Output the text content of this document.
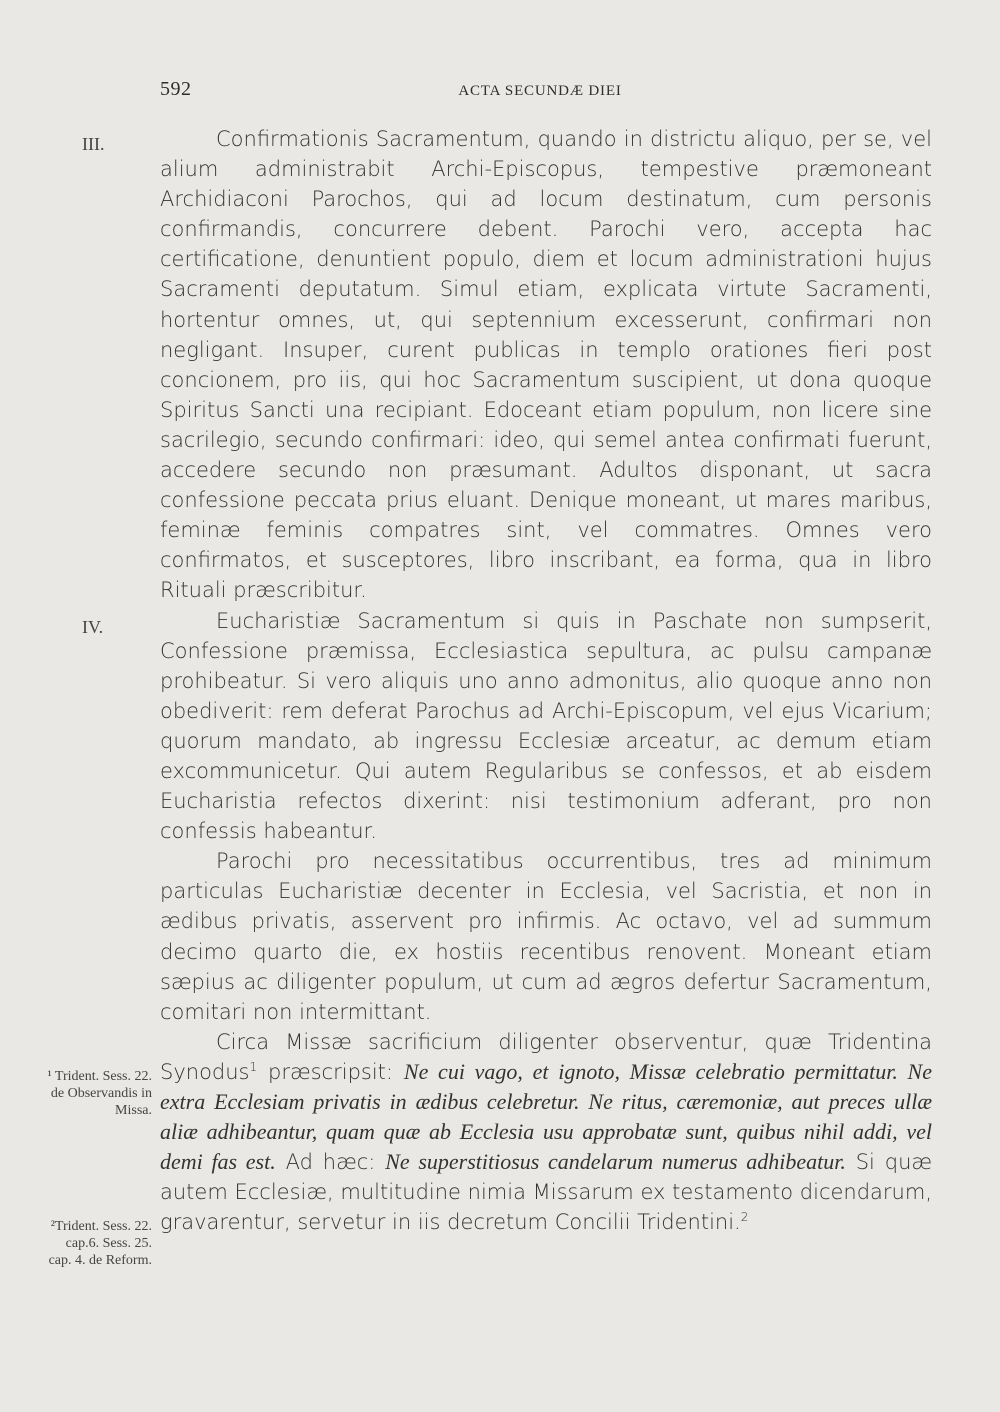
592	ACTA SECUNDÆ DIEI
III.
IV.
¹ Trident. Sess. 22. de Observandis in Missa.
²Trident. Sess. 22. cap.6. Sess. 25. cap. 4. de Reform.

Confirmationis Sacramentum, quando in districtu aliquo, per se, vel alium administrabit Archi-Episcopus, tempestive præmoneant Archidiaconi Parochos, qui ad locum destinatum, cum personis confirmandis, concurrere debent. Parochi vero, accepta hac certificatione, denuntient populo, diem et locum administrationi hujus Sacramenti deputatum. Simul etiam, explicata virtute Sacramenti, hortentur omnes, ut, qui septennium excesserunt, confirmari non negligant. Insuper, curent publicas in templo orationes fieri post concionem, pro iis, qui hoc Sacramentum suscipient, ut dona quoque Spiritus Sancti una recipiant. Edoceant etiam populum, non licere sine sacrilegio, secundo confirmari: ideo, qui semel antea confirmati fuerunt, accedere secundo non præsumant. Adultos disponant, ut sacra confessione peccata prius eluant. Denique moneant, ut mares maribus, feminæ feminis compatres sint, vel commatres. Omnes vero confirmatos, et susceptores, libro inscribant, ea forma, qua in libro Rituali præscribitur.

Eucharistiæ Sacramentum si quis in Paschate non sumpserit, Confessione præmissa, Ecclesiastica sepultura, ac pulsu campanæ prohibeatur. Si vero aliquis uno anno admonitus, alio quoque anno non obediverit: rem deferat Parochus ad Archi-Episcopum, vel ejus Vicarium; quorum mandato, ab ingressu Ecclesiæ arceatur, ac demum etiam excommunicetur. Qui autem Regularibus se confessos, et ab eisdem Eucharistia refectos dixerint: nisi testimonium adferant, pro non confessis habeantur.

Parochi pro necessitatibus occurrentibus, tres ad minimum particulas Eucharistiæ decenter in Ecclesia, vel Sacristia, et non in ædibus privatis, asservent pro infirmis. Ac octavo, vel ad summum decimo quarto die, ex hostiis recentibus renovent. Moneant etiam sæpius ac diligenter populum, ut cum ad ægros defertur Sacramentum, comitari non intermittant.

Circa Missæ sacrificium diligenter observentur, quæ Tridentina Synodus$^1$ præscripsit: Ne cui vago, et ignoto, Missæ celebratio permittatur. Ne extra Ecclesiam privatis in ædibus celebretur. Ne ritus, cæremoniæ, aut preces ullæ aliæ adhibeantur, quam quæ ab Ecclesia usu approbatæ sunt, quibus nihil addi, vel demi fas est. Ad hæc: Ne superstitiosus candelarum numerus adhibeatur. Si quæ autem Ecclesiæ, multitudine nimia Missarum ex testamento dicendarum, gravarentur, servetur in iis decretum Concilii Tridentini.$^2$
